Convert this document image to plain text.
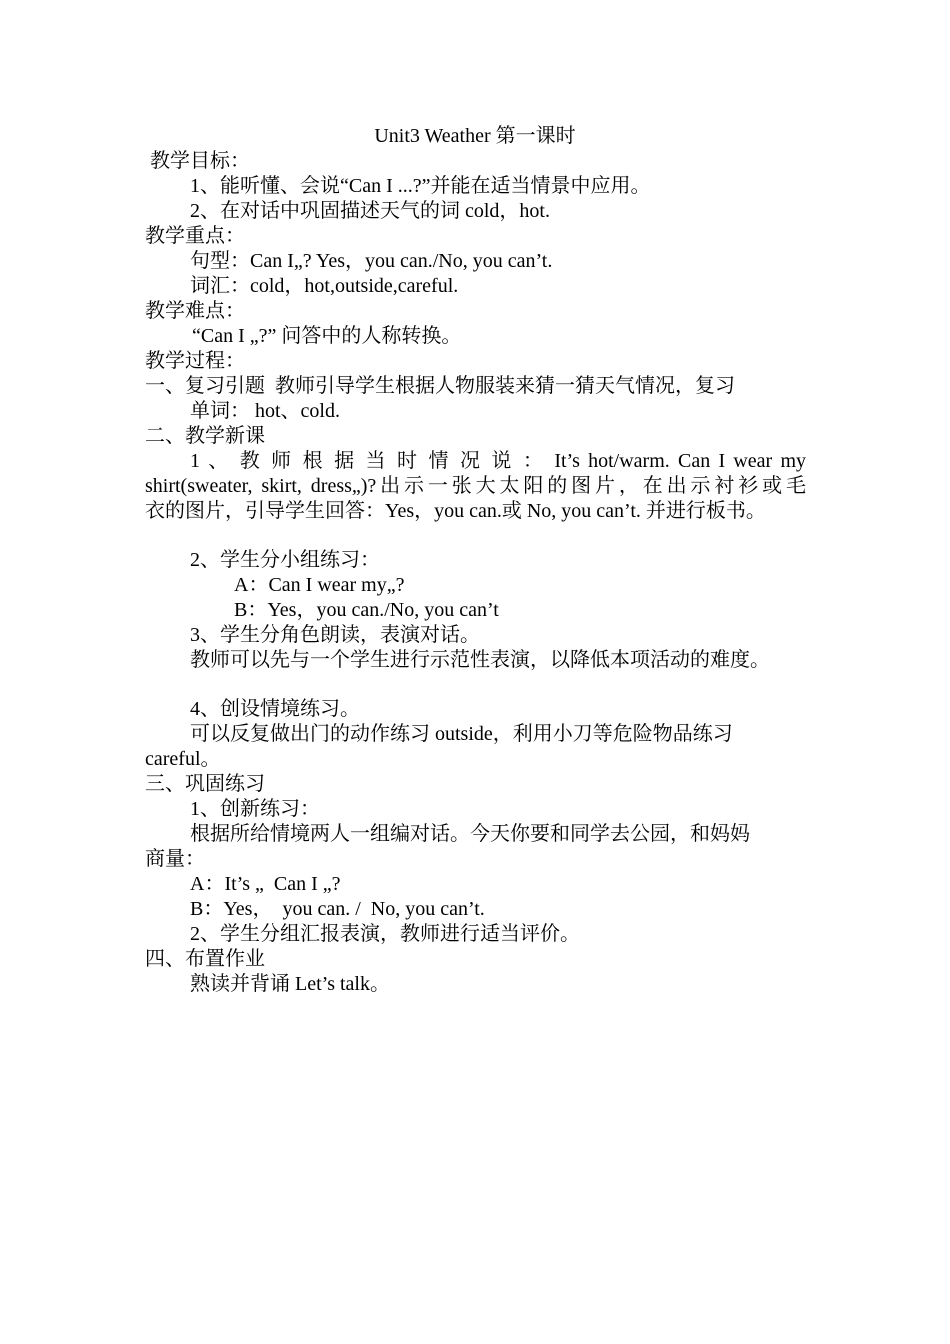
Unit3 Weather 第一课时
教学目标：
1、能听懂、会说“Can I ...?”并能在适当情景中应用。
2、在对话中巩固描述天气的词 cold，hot.
教学重点：
句型：Can I„? Yes，you can./No, you can’t.
词汇：cold，hot,outside,careful.
教学难点：
“Can I „?” 问答中的人称转换。
教学过程：
一、复习引题  教师引导学生根据人物服装来猜一猜天气情况，复习
单词： hot、cold.
二、教学新课
1 、 教 师 根 据 当 时 情 况 说 ： It’s hot/warm. Can I wear my
shirt(sweater, skirt, dress„)?出示一张大太阳的图片，在出示衬衫或毛
衣的图片，引导学生回答：Yes，you can.或 No, you can’t. 并进行板书。
2、学生分小组练习：
A：Can I wear my„?
B：Yes，you can./No, you can’t
3、学生分角色朗读，表演对话。
教师可以先与一个学生进行示范性表演，以降低本项活动的难度。
4、创设情境练习。
可以反复做出门的动作练习 outside，利用小刀等危险物品练习
careful。
三、巩固练习
1、创新练习：
根据所给情境两人一组编对话。今天你要和同学去公园，和妈妈
商量：
A：It’s „  Can I „?
B：Yes，  you can. /  No, you can’t.
2、学生分组汇报表演，教师进行适当评价。
四、布置作业
熟读并背诵 Let’s talk。
